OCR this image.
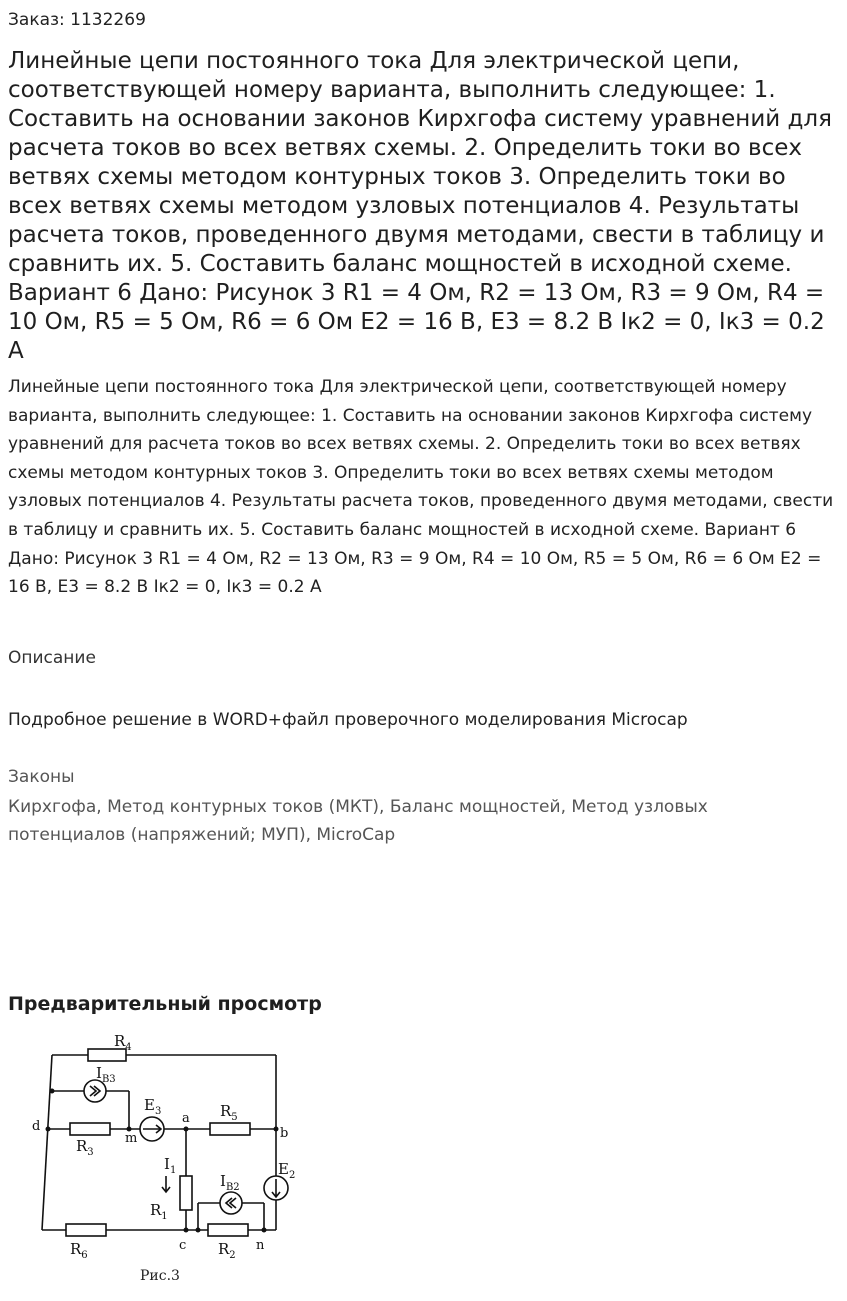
Заказ: 1132269
Линейные цепи постоянного тока Для электрической цепи, соответствующей номеру варианта, выполнить следующее: 1. Составить на основании законов Кирхгофа систему уравнений для расчета токов во всех ветвях схемы. 2. Определить токи во всех ветвях схемы методом контурных токов 3. Определить токи во всех ветвях схемы методом узловых потенциалов 4. Результаты расчета токов, проведенного двумя методами, свести в таблицу и сравнить их. 5. Составить баланс мощностей в исходной схеме. Вариант 6 Дано: Рисунок 3 R1 = 4 Ом, R2 = 13 Ом, R3 = 9 Ом, R4 = 10 Ом, R5 = 5 Ом, R6 = 6 Ом E2 = 16 В, E3 = 8.2 В Iк2 = 0, Iк3 = 0.2 А

Линейные цепи постоянного тока Для электрической цепи, соответствующей номеру варианта, выполнить следующее: 1. Составить на основании законов Кирхгофа систему уравнений для расчета токов во всех ветвях схемы. 2. Определить токи во всех ветвях схемы методом контурных токов 3. Определить токи во всех ветвях схемы методом узловых потенциалов 4. Результаты расчета токов, проведенного двумя методами, свести в таблицу и сравнить их. 5. Составить баланс мощностей в исходной схеме. Вариант 6 Дано: Рисунок 3 R1 = 4 Ом, R2 = 13 Ом, R3 = 9 Ом, R4 = 10 Ом, R5 = 5 Ом, R6 = 6 Ом E2 = 16 В, E3 = 8.2 В Iк2 = 0, Iк3 = 0.2 А

Описание
Подробное решение в WORD+файл проверочного моделирования Microcap
Законы
Кирхгофа, Метод контурных токов (МКТ), Баланс мощностей, Метод узловых потенциалов (напряжений; МУП), MicroCap
Предварительный просмотр
$R_4$
$I_{B3}$
$E_3$	$R_5$
$R_3$
$I_1$
$R_1$
$I_{B2}$
$E_2$
$R_6$	$R_2$
d
m
a
b
c	n
Рис.3
